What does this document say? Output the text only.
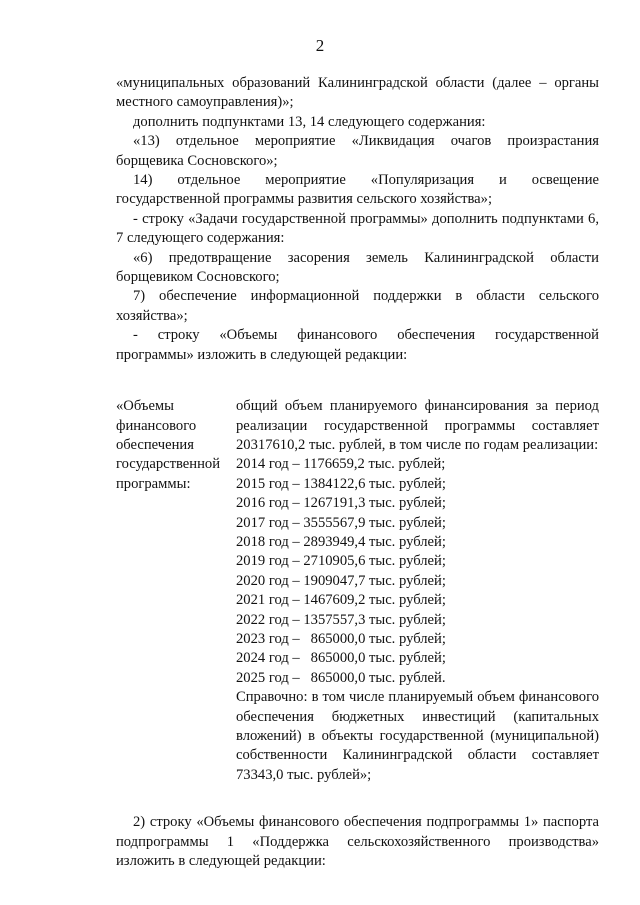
2

«муниципальных образований Калининградской области (далее – органы местного самоуправления)»;

дополнить подпунктами 13, 14 следующего содержания:

«13) отдельное мероприятие «Ликвидация очагов произрастания борщевика Сосновского»;

14) отдельное мероприятие «Популяризация и освещение государственной программы развития сельского хозяйства»;

- строку «Задачи государственной программы» дополнить подпунктами 6, 7 следующего содержания:

«6) предотвращение засорения земель Калининградской области борщевиком Сосновского;

7) обеспечение информационной поддержки в области сельского хозяйства»;

- строку «Объемы финансового обеспечения государственной программы» изложить в следующей редакции:

«Объемы

финансового

обеспечения

государственной

программы:

общий объем планируемого финансирования за период реализации государственной программы составляет 20317610,2 тыс. рублей, в том числе по годам реализации:

2014 год – 1176659,2 тыс. рублей;

2015 год – 1384122,6 тыс. рублей;

2016 год – 1267191,3 тыс. рублей;

2017 год – 3555567,9 тыс. рублей;

2018 год – 2893949,4 тыс. рублей;

2019 год – 2710905,6 тыс. рублей;

2020 год – 1909047,7 тыс. рублей;

2021 год – 1467609,2 тыс. рублей;

2022 год – 1357557,3 тыс. рублей;

2023 год –   865000,0 тыс. рублей;

2024 год –   865000,0 тыс. рублей;

2025 год –   865000,0 тыс. рублей.

Справочно: в том числе планируемый объем финансового обеспечения бюджетных инвестиций (капитальных вложений) в объекты государственной (муниципальной) собственности Калининградской области составляет 73343,0 тыс. рублей»;

2) строку «Объемы финансового обеспечения подпрограммы 1» паспорта подпрограммы 1 «Поддержка сельскохозяйственного производства» изложить в следующей редакции:
